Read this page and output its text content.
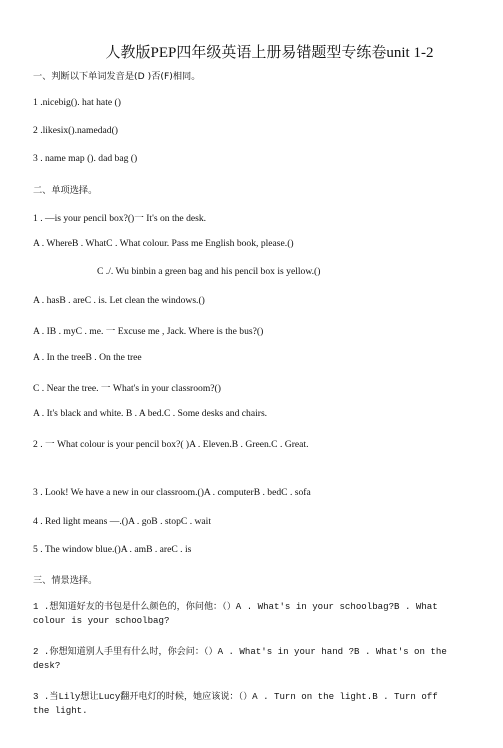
人教版PEP四年级英语上册易错题型专练卷unit 1-2
一、判断以下单词发音是(D )否(F)相同。
1 .nicebig(). hat hate ()
2 .likesix().namedad()
3 . name map (). dad bag ()
二、单项选择。
1 . —is your pencil box?()一 It's on the desk.
A . WhereB . WhatC . What colour. Pass me English book, please.()
C ./. Wu binbin a green bag and his pencil box is yellow.()
A . hasB . areC . is. Let clean the windows.()
A . IB . myC . me. 一 Excuse me , Jack. Where is the bus?()
A . In the treeB . On the tree
C . Near the tree. 一 What's in your classroom?()
A . It's black and white. B . A bed.C . Some desks and chairs.
2 . 一 What colour is your pencil box?( )A . Eleven.B . Green.C . Great.
3 . Look! We have a new in our classroom.()A . computerB . bedC . sofa
4 . Red light means —.()A . goB . stopC . wait
5 . The window blue.()A . amB . areC . is
三、情景选择。
1 .想知道好友的书包是什么颜色的，你问他：（）A . What's in your schoolbag?B . What colour is your schoolbag?
2 .你想知道别人手里有什么时，你会问：（）A . What's in your hand ?B . What's on the desk?
3 .当Lily想让Lucy翻开电灯的时候，她应该说：（）A . Turn on the light.B . Turn off the light.
